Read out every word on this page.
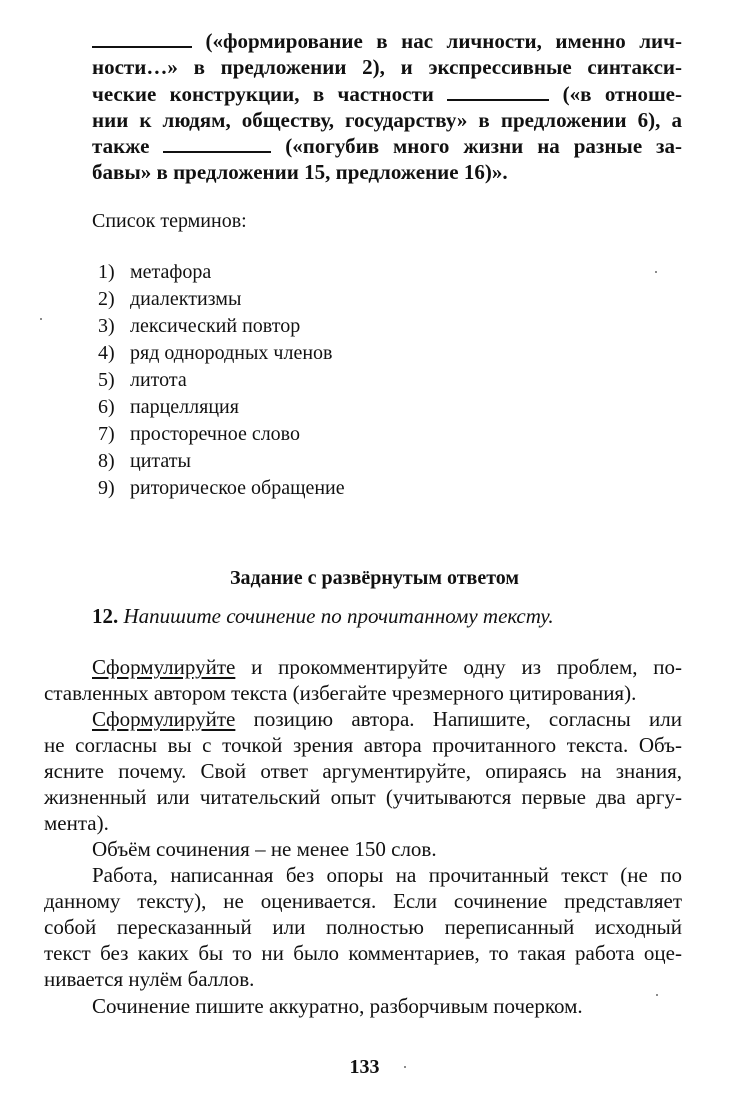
(«формирование в нас личности, именно лич-
ности…» в предложении 2), и экспрессивные синтакси-
ческие конструкции, в частности	(«в отноше-
нии к людям, обществу, государству» в предложении 6), а
также	(«погубив много жизни на разные за-
бавы» в предложении 15, предложение 16)».
Список терминов:
1) метафора
2) диалектизмы
3) лексический повтор
4) ряд однородных членов
5) литота
6) парцелляция
7) просторечное слово
8) цитаты
9) риторическое обращение
Задание с развёрнутым ответом
12. Напишите сочинение по прочитанному тексту.
Сформулируйте и прокомментируйте одну из проблем, по-
ставленных автором текста (избегайте чрезмерного цитирования).
Сформулируйте позицию автора. Напишите, согласны или
не согласны вы с точкой зрения автора прочитанного текста. Объ-
ясните почему. Свой ответ аргументируйте, опираясь на знания,
жизненный или читательский опыт (учитываются первые два аргу-
мента).
Объём сочинения – не менее 150 слов.
Работа, написанная без опоры на прочитанный текст (не по
данному тексту), не оценивается. Если сочинение представляет
собой пересказанный или полностью переписанный исходный
текст без каких бы то ни было комментариев, то такая работа оце-
нивается нулём баллов.
Сочинение пишите аккуратно, разборчивым почерком.
133
